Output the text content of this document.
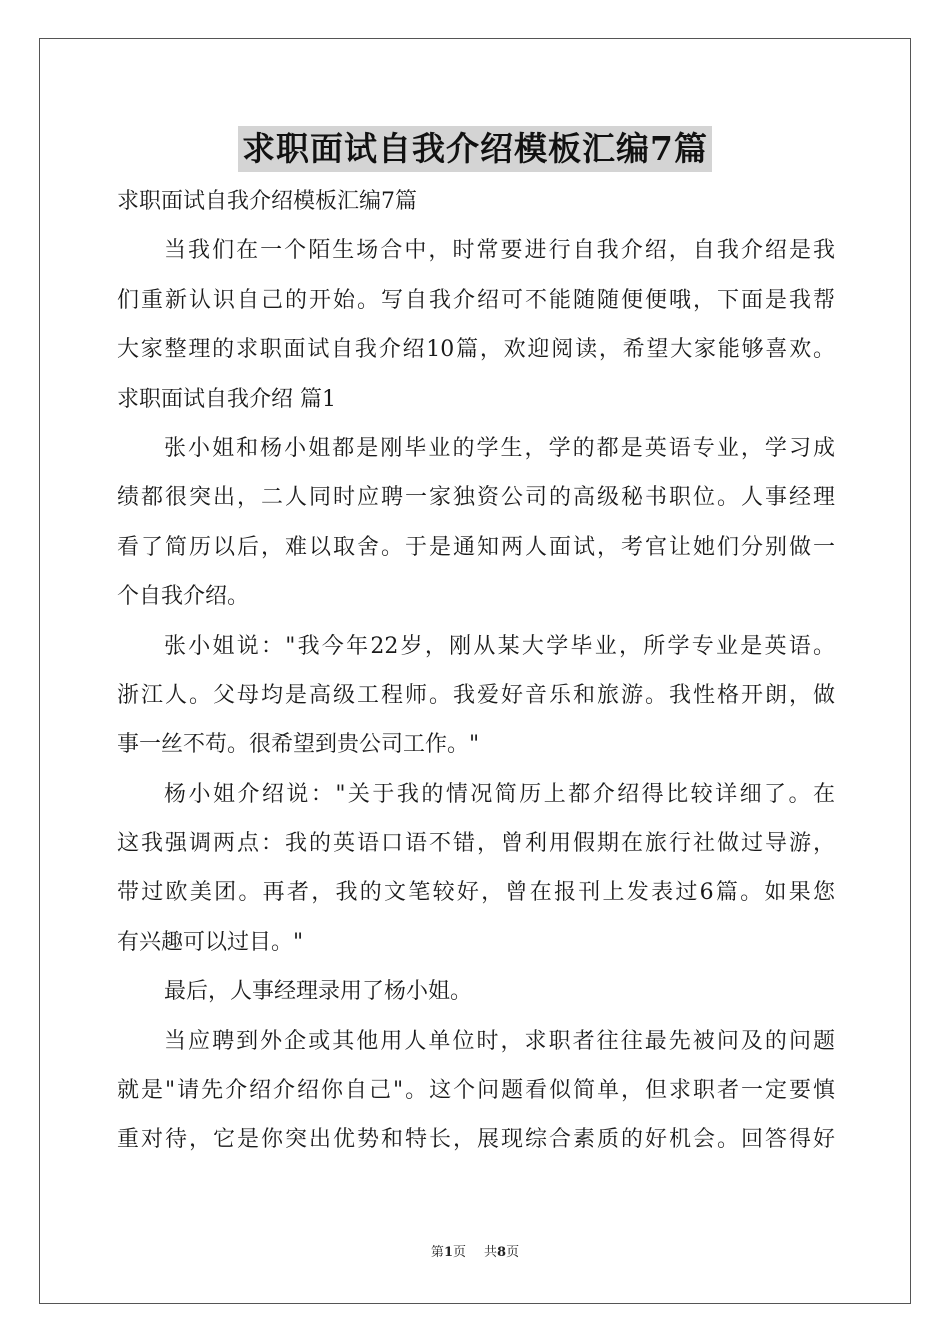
求职面试自我介绍模板汇编7篇
求职面试自我介绍模板汇编7篇
当我们在一个陌生场合中，时常要进行自我介绍，自我介绍是我
们重新认识自己的开始。写自我介绍可不能随随便便哦，下面是我帮
大家整理的求职面试自我介绍10篇，欢迎阅读，希望大家能够喜欢。
求职面试自我介绍 篇1
张小姐和杨小姐都是刚毕业的学生，学的都是英语专业，学习成
绩都很突出，二人同时应聘一家独资公司的高级秘书职位。人事经理
看了简历以后，难以取舍。于是通知两人面试，考官让她们分别做一
个自我介绍。
张小姐说："我今年22岁，刚从某大学毕业，所学专业是英语。
浙江人。父母均是高级工程师。我爱好音乐和旅游。我性格开朗，做
事一丝不苟。很希望到贵公司工作。"
杨小姐介绍说："关于我的情况简历上都介绍得比较详细了。在
这我强调两点：我的英语口语不错，曾利用假期在旅行社做过导游，
带过欧美团。再者，我的文笔较好，曾在报刊上发表过6篇。如果您
有兴趣可以过目。"
最后，人事经理录用了杨小姐。
当应聘到外企或其他用人单位时，求职者往往最先被问及的问题
就是"请先介绍介绍你自己"。这个问题看似简单，但求职者一定要慎
重对待，它是你突出优势和特长，展现综合素质的好机会。回答得好
第1页 共8页
